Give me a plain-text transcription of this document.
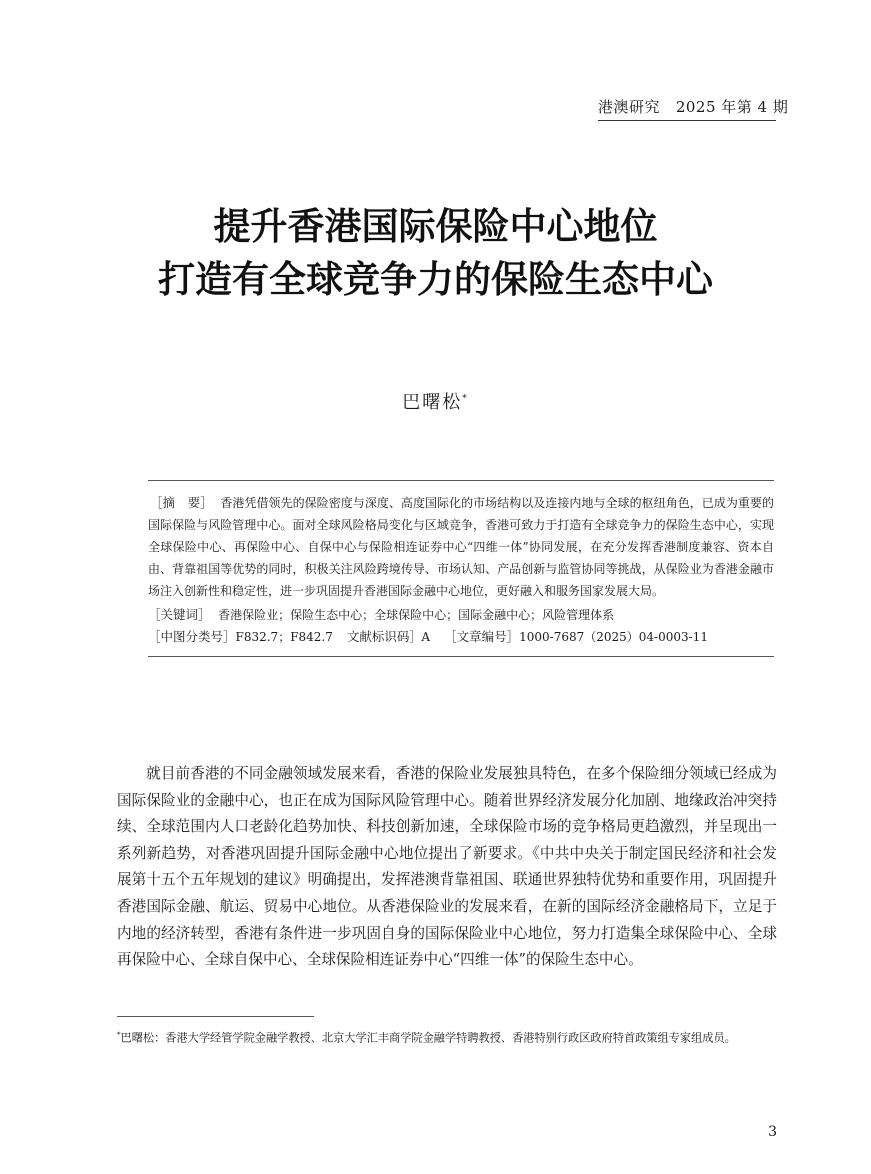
港澳研究 2025 年第 4 期
提升香港国际保险中心地位
打造有全球竞争力的保险生态中心
巴曙松*

［摘　要］ 香港凭借领先的保险密度与深度、高度国际化的市场结构以及连接内地与全球的枢纽角色，已成为重要的国际保险与风险管理中心。面对全球风险格局变化与区域竞争，香港可致力于打造有全球竞争力的保险生态中心，实现全球保险中心、再保险中心、自保中心与保险相连证券中心“四维一体”协同发展，在充分发挥香港制度兼容、资本自由、背靠祖国等优势的同时，积极关注风险跨境传导、市场认知、产品创新与监管协同等挑战，从保险业为香港金融市场注入创新性和稳定性，进一步巩固提升香港国际金融中心地位，更好融入和服务国家发展大局。

［关键词］ 香港保险业；保险生态中心；全球保险中心；国际金融中心；风险管理体系
［中图分类号］F832.7；F842.7 文献标识码］A ［文章编号］1000-7687（2025）04-0003-11

就目前香港的不同金融领域发展来看，香港的保险业发展独具特色，在多个保险细分领域已经成为国际保险业的金融中心，也正在成为国际风险管理中心。随着世界经济发展分化加剧、地缘政治冲突持续、全球范围内人口老龄化趋势加快、科技创新加速，全球保险市场的竞争格局更趋激烈，并呈现出一系列新趋势，对香港巩固提升国际金融中心地位提出了新要求。《中共中央关于制定国民经济和社会发展第十五个五年规划的建议》明确提出，发挥港澳背靠祖国、联通世界独特优势和重要作用，巩固提升香港国际金融、航运、贸易中心地位。从香港保险业的发展来看，在新的国际经济金融格局下，立足于内地的经济转型，香港有条件进一步巩固自身的国际保险业中心地位，努力打造集全球保险中心、全球再保险中心、全球自保中心、全球保险相连证券中心“四维一体”的保险生态中心。

*巴曙松：香港大学经管学院金融学教授、北京大学汇丰商学院金融学特聘教授、香港特别行政区政府特首政策组专家组成员。
3
